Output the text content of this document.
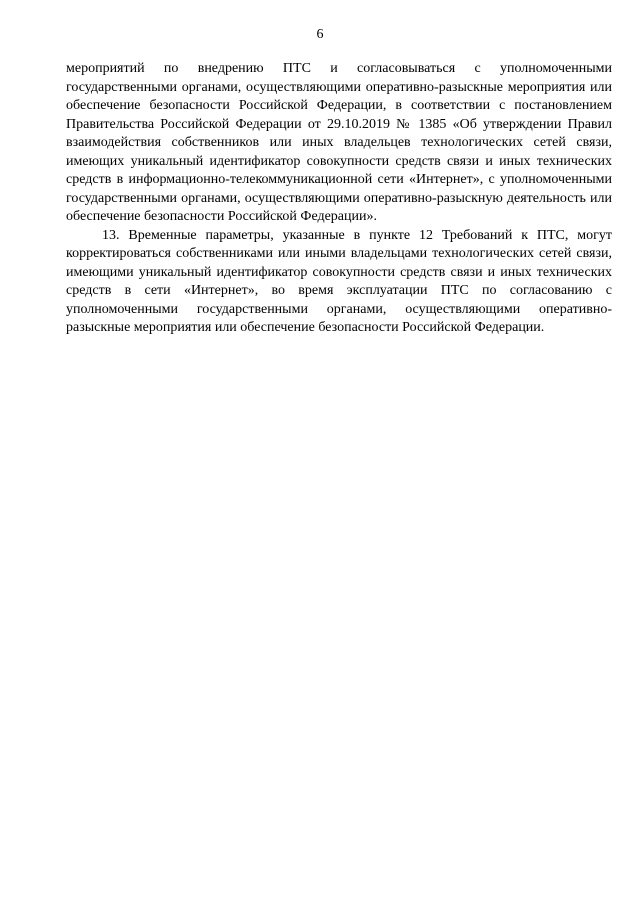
6

мероприятий по внедрению ПТС и согласовываться с уполномоченными государственными органами, осуществляющими оперативно-разыскные мероприятия или обеспечение безопасности Российской Федерации, в соответствии с постановлением Правительства Российской Федерации от 29.10.2019 № 1385 «Об утверждении Правил взаимодействия собственников или иных владельцев технологических сетей связи, имеющих уникальный идентификатор совокупности средств связи и иных технических средств в информационно-телекоммуникационной сети «Интернет», с уполномоченными государственными органами, осуществляющими оперативно-разыскную деятельность или обеспечение безопасности Российской Федерации».

13. Временные параметры, указанные в пункте 12 Требований к ПТС, могут корректироваться собственниками или иными владельцами технологических сетей связи, имеющими уникальный идентификатор совокупности средств связи и иных технических средств в сети «Интернет», во время эксплуатации ПТС по согласованию с уполномоченными государственными органами, осуществляющими оперативно-разыскные мероприятия или обеспечение безопасности Российской Федерации.
